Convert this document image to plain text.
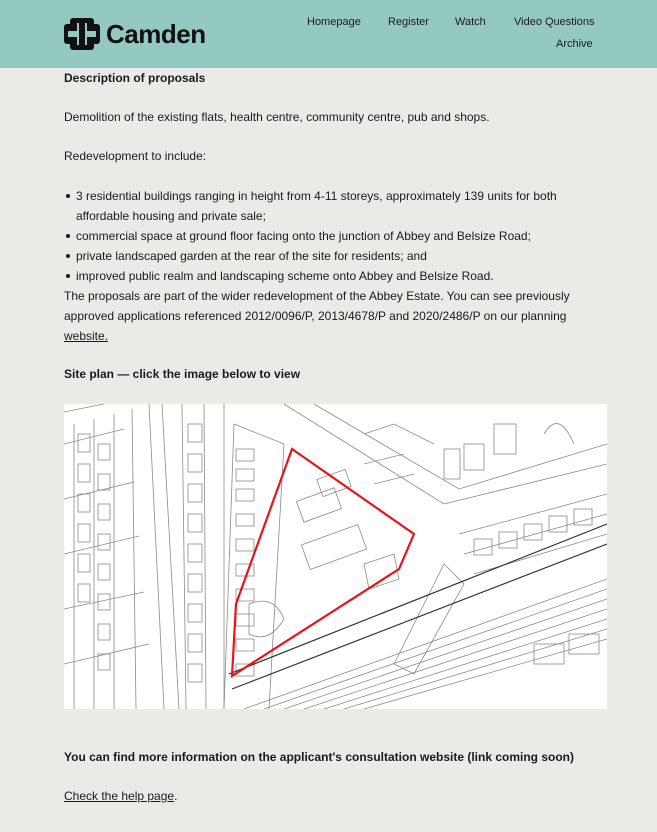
Camden	Homepage Register Watch	Video Questions
Archive
Description of proposals
Demolition of the existing flats, health centre, community centre, pub and shops.
Redevelopment to include:
3 residential buildings ranging in height from 4-11 storeys, approximately 139 units for both affordable housing and private sale;
commercial space at ground floor facing onto the junction of Abbey and Belsize Road;
private landscaped garden at the rear of the site for residents; and
improved public realm and landscaping scheme onto Abbey and Belsize Road.
The proposals are part of the wider redevelopment of the Abbey Estate. You can see previously approved applications referenced 2012/0096/P, 2013/4678/P and 2020/2486/P on our planning website.
Site plan — click the image below to view
You can find more information on the applicant's consultation website (link coming soon)
Check the help page.
